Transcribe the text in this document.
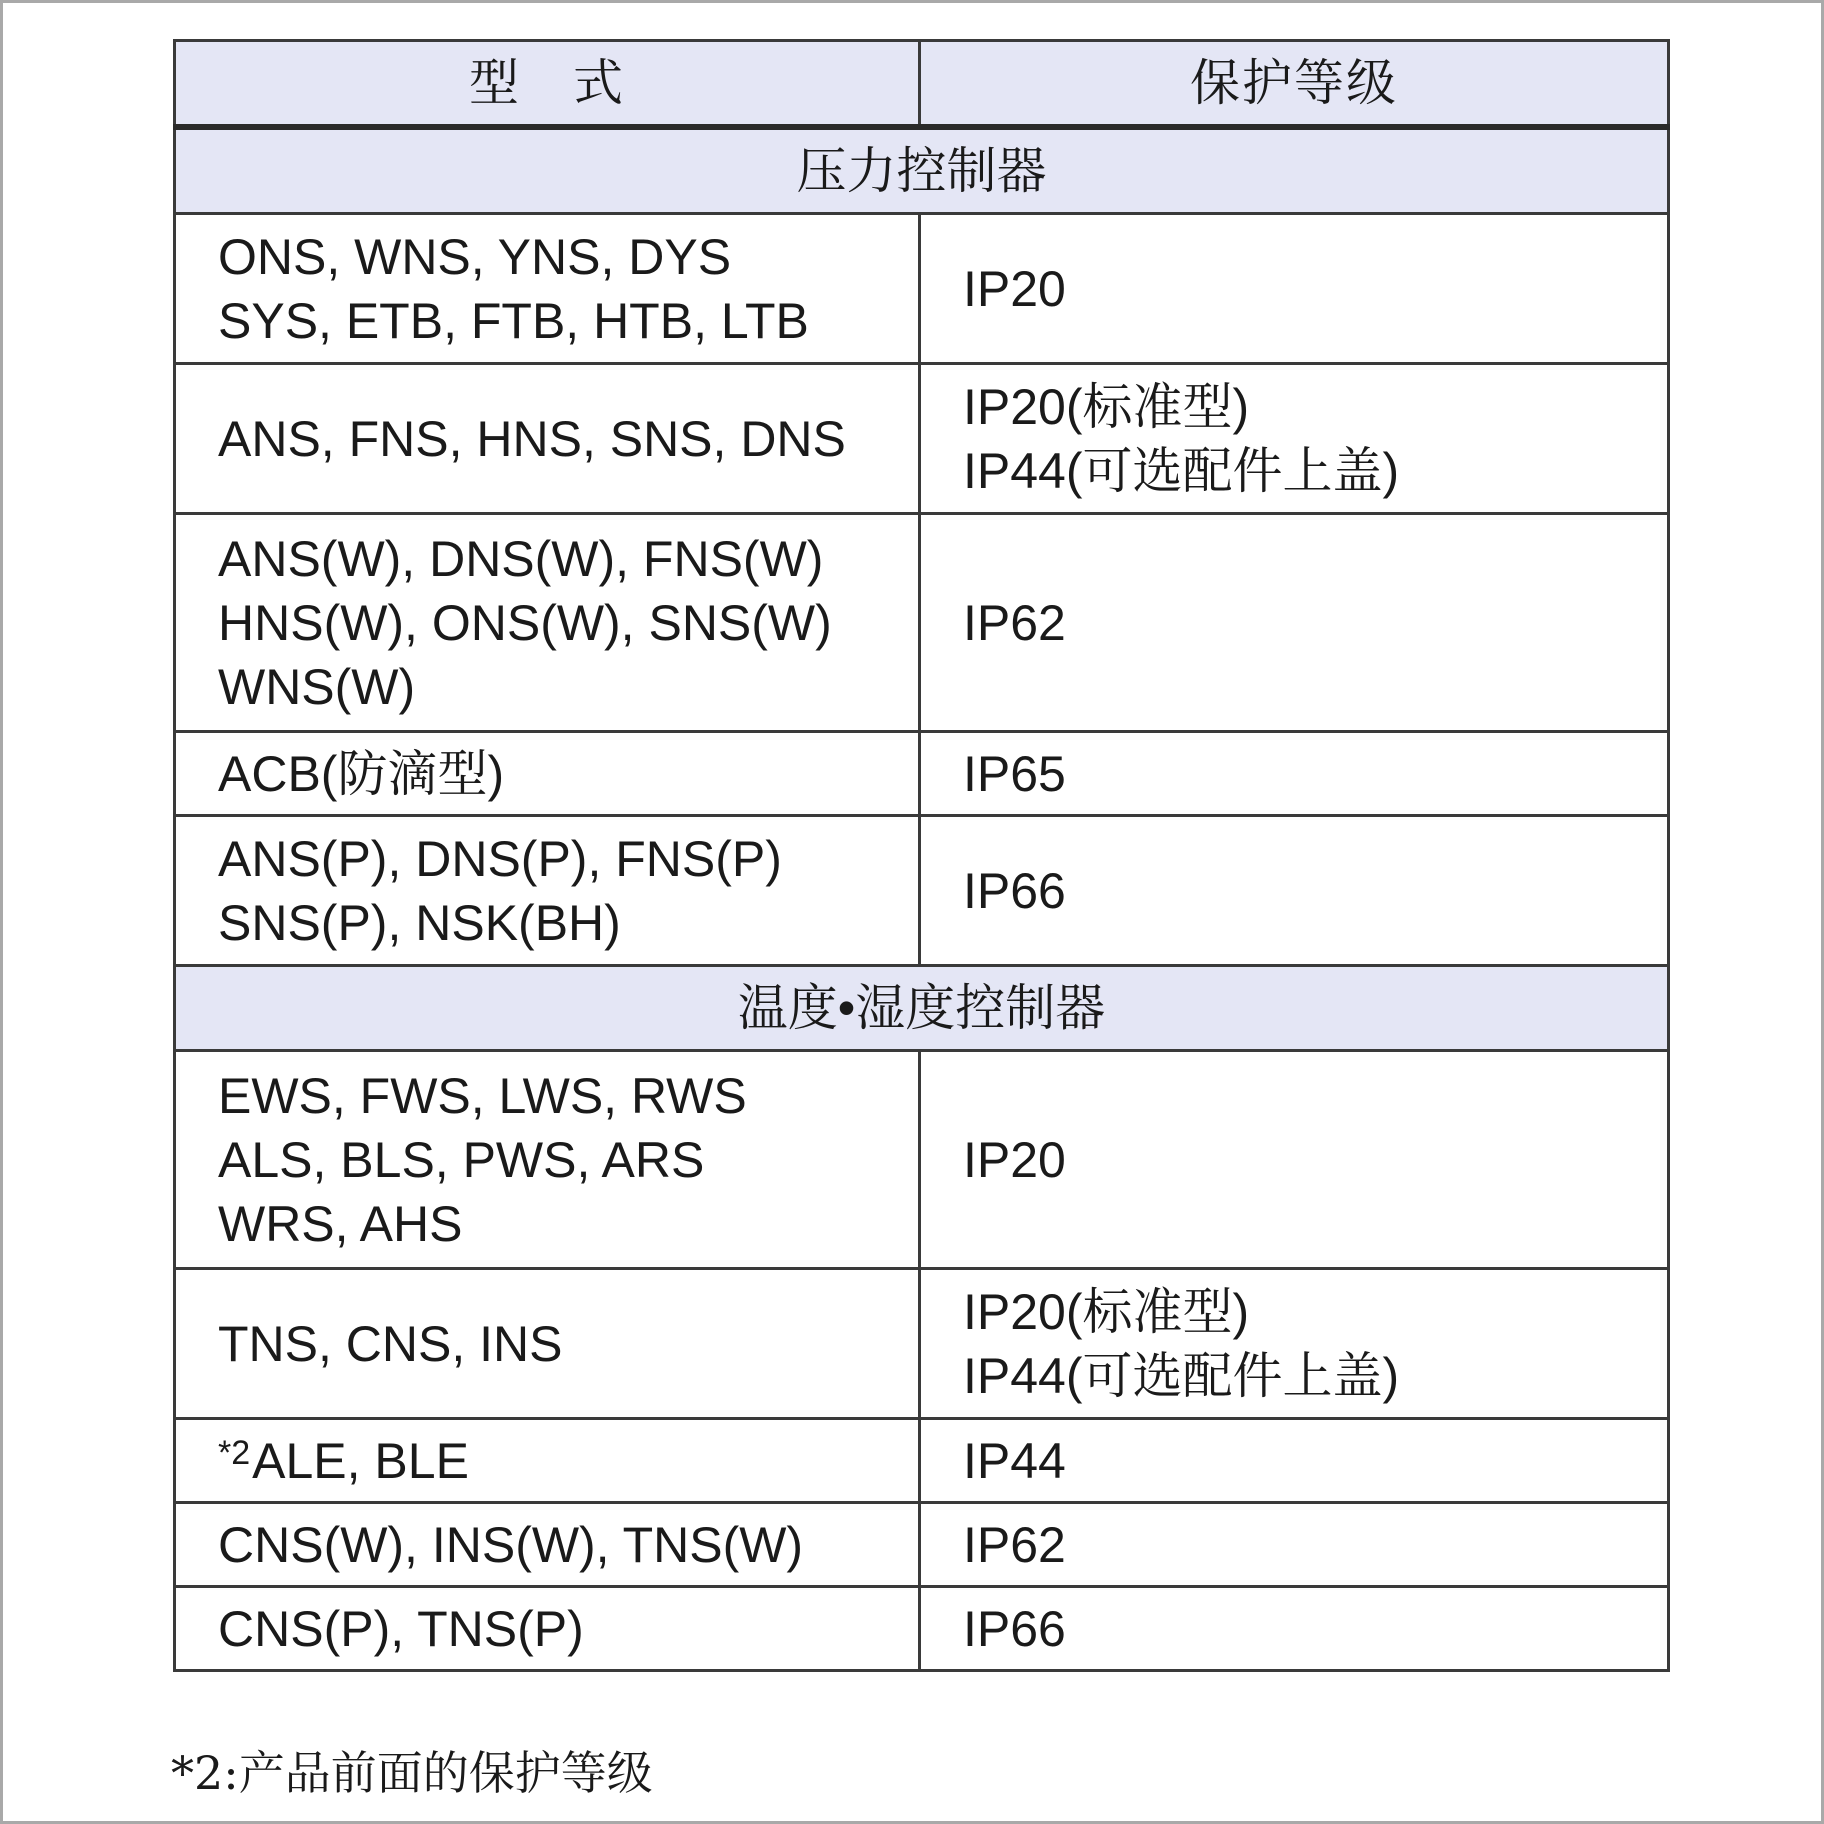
型　式	保护等级
压力控制器	

ONS, WNS, YNS, DYS
SYS, ETB, FTB, HTB, LTB	IP20

ANS, FNS, HNS, SNS, DNS	IP20(标准型)
IP44(可选配件上盖)

ANS(W), DNS(W), FNS(W)
HNS(W), ONS(W), SNS(W)
WNS(W)	IP62

ACB(防滴型)	IP65

ANS(P), DNS(P), FNS(P)
SNS(P), NSK(BH)	IP66

温度•湿度控制器	

EWS, FWS, LWS, RWS
ALS, BLS, PWS, ARS
WRS, AHS	IP20

TNS, CNS, INS	IP20(标准型)
IP44(可选配件上盖)

$^{*2}$ALE, BLE	IP44

CNS(W), INS(W), TNS(W)	IP62

CNS(P), TNS(P)	IP66
*2:产品前面的保护等级
